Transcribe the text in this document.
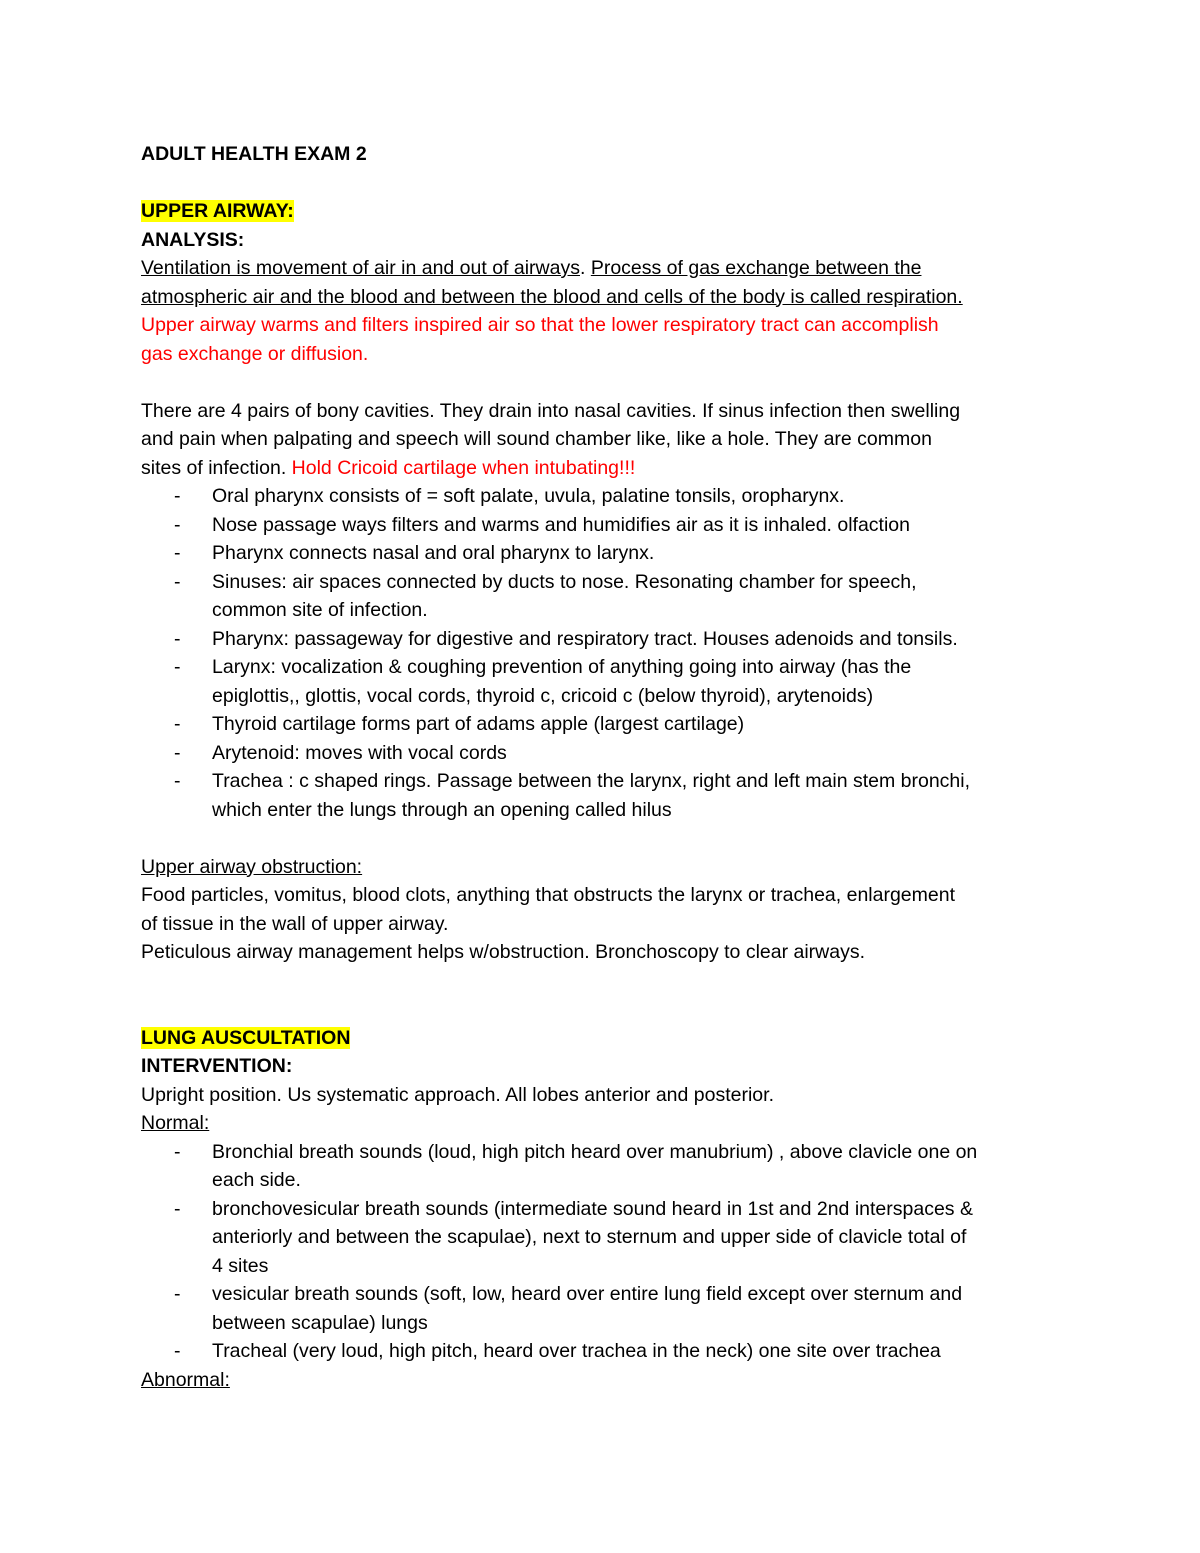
ADULT HEALTH EXAM 2
UPPER AIRWAY:
ANALYSIS:
Ventilation is movement of air in and out of airways. Process of gas exchange between the
atmospheric air and the blood and between the blood and cells of the body is called respiration.
Upper airway warms and filters inspired air so that the lower respiratory tract can accomplish
gas exchange or diffusion.
There are 4 pairs of bony cavities. They drain into nasal cavities. If sinus infection then swelling
and pain when palpating and speech will sound chamber like, like a hole. They are common
sites of infection. Hold Cricoid cartilage when intubating!!!
- Oral pharynx consists of = soft palate, uvula, palatine tonsils, oropharynx.
- Nose passage ways filters and warms and humidifies air as it is inhaled. olfaction
- Pharynx connects nasal and oral pharynx to larynx.
- Sinuses: air spaces connected by ducts to nose. Resonating chamber for speech,
common site of infection.
- Pharynx: passageway for digestive and respiratory tract. Houses adenoids and tonsils.
- Larynx: vocalization & coughing prevention of anything going into airway (has the
epiglottis,, glottis, vocal cords, thyroid c, cricoid c (below thyroid), arytenoids)
- Thyroid cartilage forms part of adams apple (largest cartilage)
- Arytenoid: moves with vocal cords
- Trachea : c shaped rings. Passage between the larynx, right and left main stem bronchi,
which enter the lungs through an opening called hilus
Upper airway obstruction:
Food particles, vomitus, blood clots, anything that obstructs the larynx or trachea, enlargement
of tissue in the wall of upper airway.
Peticulous airway management helps w/obstruction. Bronchoscopy to clear airways.
LUNG AUSCULTATION
INTERVENTION:
Upright position. Us systematic approach. All lobes anterior and posterior.
Normal:
- Bronchial breath sounds (loud, high pitch heard over manubrium) , above clavicle one on
each side.
- bronchovesicular breath sounds (intermediate sound heard in 1st and 2nd interspaces &
anteriorly and between the scapulae), next to sternum and upper side of clavicle total of
4 sites
- vesicular breath sounds (soft, low, heard over entire lung field except over sternum and
between scapulae) lungs
- Tracheal (very loud, high pitch, heard over trachea in the neck) one site over trachea
Abnormal:
